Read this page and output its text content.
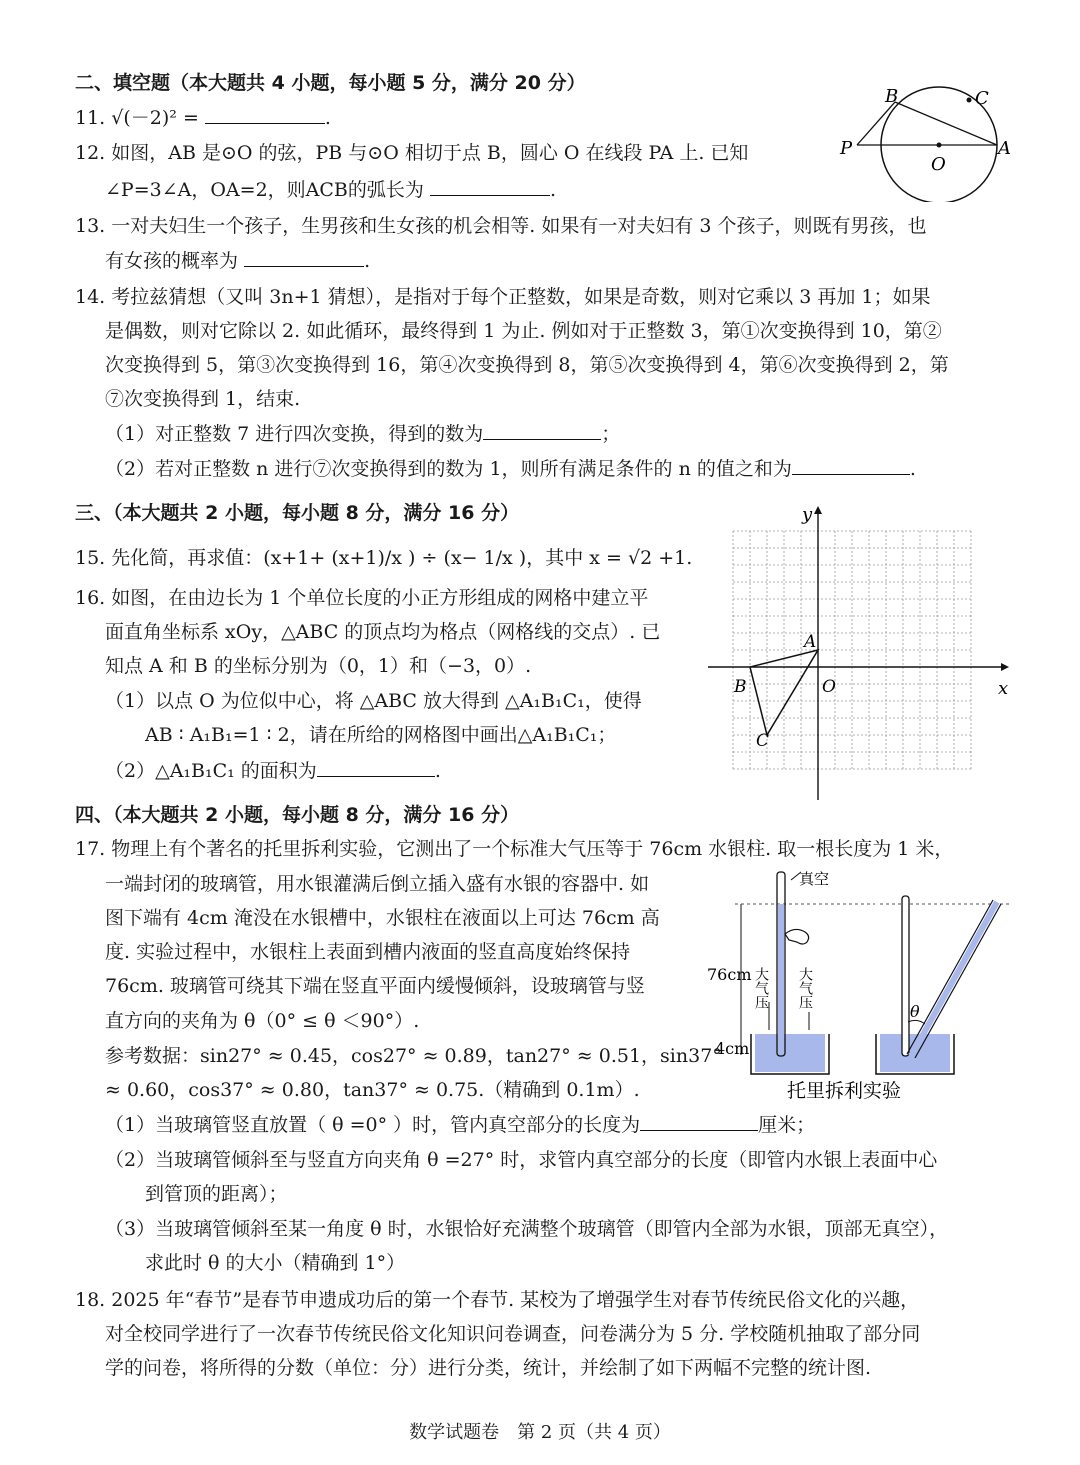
二、填空题（本大题共 4 小题，每小题 5 分，满分 20 分）
11. √(－2)² =	.
12. 如图，AB 是⊙O 的弦，PB 与⊙O 相切于点 B，圆心 O 在线段 PA 上. 已知
∠P=3∠A，OA=2，则ACB的弧长为	.
B	C
P
O
A
13. 一对夫妇生一个孩子，生男孩和生女孩的机会相等. 如果有一对夫妇有 3 个孩子，则既有男孩，也
有女孩的概率为	.
14. 考拉兹猜想（又叫 3n+1 猜想），是指对于每个正整数，如果是奇数，则对它乘以 3 再加 1；如果
是偶数，则对它除以 2. 如此循环，最终得到 1 为止. 例如对于正整数 3，第①次变换得到 10，第②
次变换得到 5，第③次变换得到 16，第④次变换得到 8，第⑤次变换得到 4，第⑥次变换得到 2，第
⑦次变换得到 1，结束.
（1）对正整数 7 进行四次变换，得到的数为	；
（2）若对正整数 n 进行⑦次变换得到的数为 1，则所有满足条件的 n 的值之和为	.
三、（本大题共 2 小题，每小题 8 分，满分 16 分）
15. 先化简，再求值：(x+1+ (x+1)/x ) ÷ (x− 1/x )，其中 x = √2 +1.
16. 如图，在由边长为 1 个单位长度的小正方形组成的网格中建立平
面直角坐标系 xOy，△ABC 的顶点均为格点（网格线的交点）. 已
知点 A 和 B 的坐标分别为（0，1）和（−3，0）.
（1）以点 O 为位似中心，将 △ABC 放大得到 △A₁B₁C₁，使得
AB ∶ A₁B₁=1 ∶ 2，请在所给的网格图中画出△A₁B₁C₁；
（2）△A₁B₁C₁ 的面积为	.
y
x
A
B	O
C
四、（本大题共 2 小题，每小题 8 分，满分 16 分）
17. 物理上有个著名的托里拆利实验，它测出了一个标准大气压等于 76cm 水银柱. 取一根长度为 1 米，
一端封闭的玻璃管，用水银灌满后倒立插入盛有水银的容器中. 如
图下端有 4cm 淹没在水银槽中，水银柱在液面以上可达 76cm 高
度. 实验过程中，水银柱上表面到槽内液面的竖直高度始终保持
76cm. 玻璃管可绕其下端在竖直平面内缓慢倾斜，设玻璃管与竖
直方向的夹角为 θ（0° ≤ θ ＜90°）.
参考数据：sin27° ≈ 0.45，cos27° ≈ 0.89，tan27° ≈ 0.51，sin37°
≈ 0.60，cos37° ≈ 0.80，tan37° ≈ 0.75.（精确到 0.1m）.
（1）当玻璃管竖直放置（ θ =0° ）时，管内真空部分的长度为	厘米；
（2）当玻璃管倾斜至与竖直方向夹角 θ =27° 时，求管内真空部分的长度（即管内水银上表面中心
到管顶的距离）；
（3）当玻璃管倾斜至某一角度 θ 时，水银恰好充满整个玻璃管（即管内全部为水银，顶部无真空），
求此时 θ 的大小（精确到 1°）
真空
76cm
4cm
大气压 大气压
θ
托里拆利实验
18. 2025 年“春节”是春节申遗成功后的第一个春节. 某校为了增强学生对春节传统民俗文化的兴趣，
对全校同学进行了一次春节传统民俗文化知识问卷调查，问卷满分为 5 分. 学校随机抽取了部分同
学的问卷，将所得的分数（单位：分）进行分类，统计，并绘制了如下两幅不完整的统计图.
数学试题卷　第 2 页（共 4 页）
